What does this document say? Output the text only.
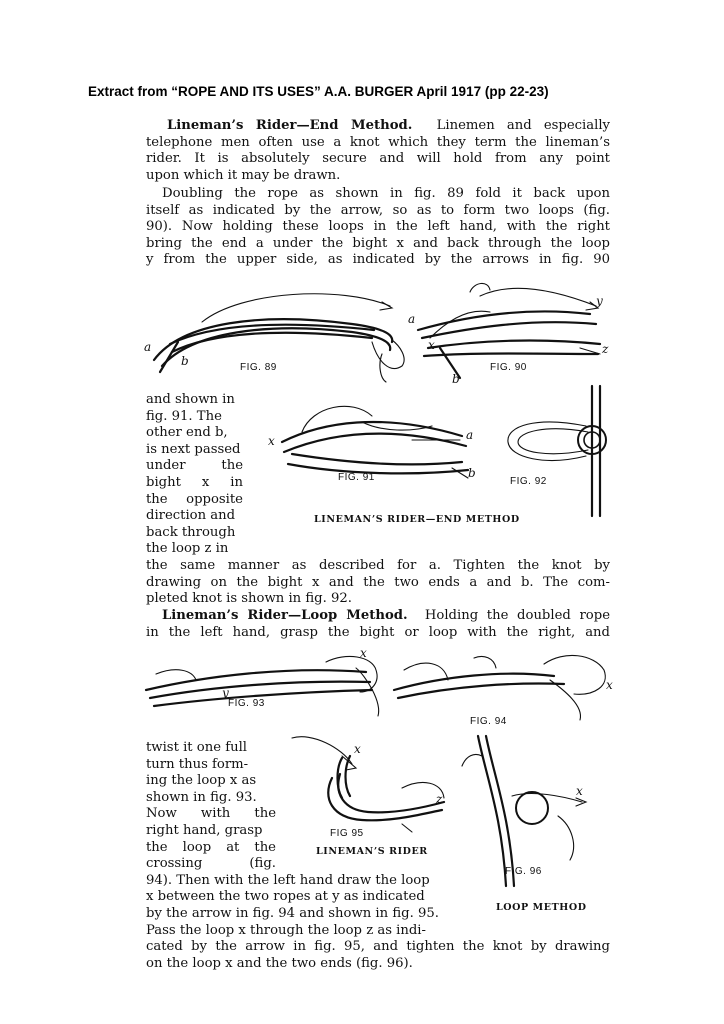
Extract from “ROPE AND ITS USES” A.A. BURGER April 1917 (pp 22-23)
Lineman’s Rider—End Method. Linemen and especially
telephone men often use a knot which they term the lineman’s
rider. It is absolutely secure and will hold from any point
upon which it may be drawn.
Doubling the rope as shown in fig. 89 fold it back upon
itself as indicated by the arrow, so as to form two loops (fig.
90). Now holding these loops in the left hand, with the right
bring the end a under the bight x and back through the loop
y from the upper side, as indicated by the arrows in fig. 90
a
b	FIG. 89
a
x
y
z
b
FIG. 90
and shown in
fig. 91. The
other end b,
is next passed
under the
bight x in
the opposite
direction and
back through
the loop z in
x	a
b
FIG. 91	FIG. 92
LINEMAN’S RIDER—END METHOD
the same manner as described for a. Tighten the knot by
drawing on the bight x and the two ends a and b. The com-
pleted knot is shown in fig. 92.
Lineman’s Rider—Loop Method. Holding the doubled rope
in the left hand, grasp the bight or loop with the right, and
x
y
FIG. 93
x
FIG. 94
twist it one full
turn thus form-
ing the loop x as
shown in fig. 93.
Now with the
right hand, grasp
the loop at the
crossing (fig.
94). Then with the left hand draw the loop
x between the two ropes at y as indicated
by the arrow in fig. 94 and shown in fig. 95.
Pass the loop x through the loop z as indi-
cated by the arrow in fig. 95, and tighten the knot by drawing
on the loop x and the two ends (fig. 96).
x
z
FIG 95
x
FIG. 96
LINEMAN’S RIDER
LOOP METHOD
